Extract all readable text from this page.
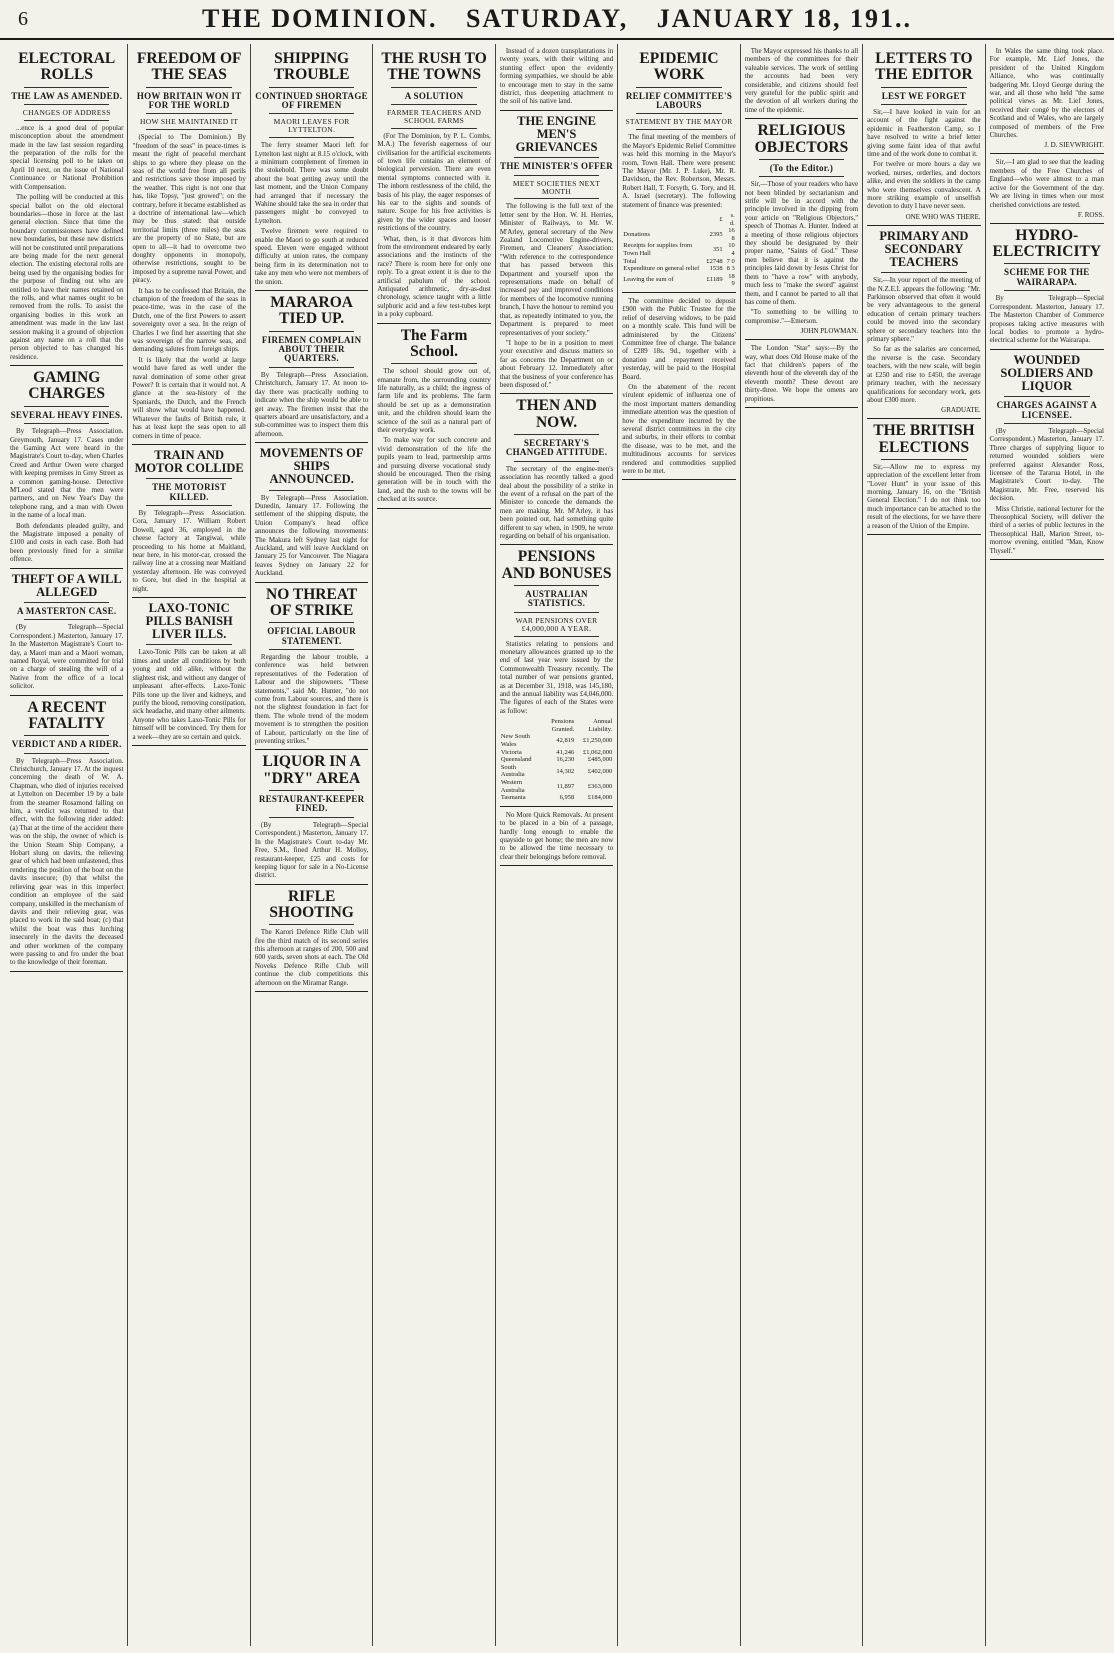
6	THE DOMINION. SATURDAY, JANUARY 18, 191..
ELECTORAL ROLLS
THE LAW AS AMENDED.
CHANGES OF ADDRESS

...ence is a good deal of popular misconception about the amendment made in the law last session regarding the preparation of the rolls for the special licensing poll to be taken on April 10 next, on the issue of National Continuance or National Prohibition with Compensation.

The polling will be conducted at this special ballot on the old electoral boundaries—those in force at the last general election. Since that time the boundary commissioners have defined new boundaries, but these new districts will not be constituted until preparations are being made for the next general election. The existing electoral rolls are being used by the organising bodies for the purpose of finding out who are entitled to have their names retained on the rolls, and what names ought to be removed from the rolls. To assist the organising bodies in this work an amendment was made in the law last session making it a ground of objection against any name on a roll that the person objected to has changed his residence.

GAMING CHARGES
SEVERAL HEAVY FINES.

By Telegraph—Press Association. Greymouth, January 17. Cases under the Gaming Act were heard in the Magistrate's Court to-day, when Charles Creed and Arthur Owen were charged with keeping premises in Grey Street as a common gaming-house. Detective M'Leod stated that the men were partners, and on New Year's Day the telephone rang, and a man with Owen in the name of a local man.

Both defendants pleaded guilty, and the Magistrate imposed a penalty of £100 and costs in each case. Both had been previously fined for a similar offence.

THEFT OF A WILL ALLEGED
A MASTERTON CASE.

(By Telegraph—Special Correspondent.) Masterton, January 17. In the Masterton Magistrate's Court to-day, a Maori man and a Maori woman, named Royal, were committed for trial on a charge of stealing the will of a Native from the office of a local solicitor.

A RECENT FATALITY
VERDICT AND A RIDER.

By Telegraph—Press Association. Christchurch, January 17. At the inquest concerning the death of W. A. Chapman, who died of injuries received at Lyttelton on December 19 by a bale from the steamer Rosamond falling on him, a verdict was returned to that effect, with the following rider added: (a) That at the time of the accident there was on the ship, the owner of which is the Union Steam Ship Company, a Hobart slung on davits, the relieving gear of which had been unfastened, thus rendering the position of the boat on the davits insecure; (b) that whilst the relieving gear was in this imperfect condition an employee of the said company, unskilled in the mechanism of davits and their relieving gear, was placed to work in the said boat; (c) that whilst the boat was thus lurching insecurely in the davits the deceased and other workmen of the company were passing to and fro under the boat to the knowledge of their foreman.

FREEDOM OF THE SEAS
HOW BRITAIN WON IT FOR THE WORLD
HOW SHE MAINTAINED IT

(Special to The Dominion.) By "freedom of the seas" in peace-times is meant the right of peaceful merchant ships to go where they please on the seas of the world free from all perils and restrictions save those imposed by the weather. This right is not one that has, like Topsy, "just growed"; on the contrary, before it became established as a doctrine of international law—which may be thus stated: that outside territorial limits (three miles) the seas are the property of no State, but are open to all—it had to overcome two doughty opponents in monopoly, otherwise restrictions, sought to be imposed by a supreme naval Power, and piracy.

It has to be confessed that Britain, the champion of the freedom of the seas in peace-time, was in the case of the Dutch, one of the first Powers to assert sovereignty over a sea. In the reign of Charles I we find her asserting that she was sovereign of the narrow seas, and demanding salutes from foreign ships.

It is likely that the world at large would have fared as well under the naval domination of some other great Power? It is certain that it would not. A glance at the sea-history of the Spaniards, the Dutch, and the French will show what would have happened. Whatever the faults of British rule, it has at least kept the seas open to all comers in time of peace.

TRAIN AND MOTOR COLLIDE
THE MOTORIST KILLED.

By Telegraph—Press Association. Cora, January 17. William Robert Dowell, aged 36, employed in the cheese factory at Tangiwai, while proceeding to his home at Maitland, near here, in his motor-car, crossed the railway line at a crossing near Maitland yesterday afternoon. He was conveyed to Gore, but died in the hospital at night.

LAXO-TONIC PILLS BANISH LIVER ILLS.

Laxo-Tonic Pills can be taken at all times and under all conditions by both young and old alike, without the slightest risk, and without any danger of unpleasant after-effects. Laxo-Tonic Pills tone up the liver and kidneys, and purify the blood, removing constipation, sick headache, and many other ailments. Anyone who takes Laxo-Tonic Pills for himself will be convinced. Try them for a week—they are so certain and quick.

SHIPPING TROUBLE
CONTINUED SHORTAGE OF FIREMEN
MAORI LEAVES FOR LYTTELTON.

The ferry steamer Maori left for Lyttelton last night at 8.15 o'clock, with a minimum complement of firemen in the stokehold. There was some doubt about the boat getting away until the last moment, and the Union Company had arranged that if necessary the Wahine should take the sea in order that passengers might be conveyed to Lyttelton.

Twelve firemen were required to enable the Maori to go south at reduced speed. Eleven were engaged without difficulty at union rates, the company being firm in its determination not to take any men who were not members of the union.

MARAROA TIED UP.
FIREMEN COMPLAIN ABOUT THEIR QUARTERS.

By Telegraph—Press Association. Christchurch, January 17. At noon to-day there was practically nothing to indicate when the ship would be able to get away. The firemen insist that the quarters aboard are unsatisfactory, and a sub-committee was to inspect them this afternoon.

MOVEMENTS OF SHIPS ANNOUNCED.

By Telegraph—Press Association. Dunedin, January 17. Following the settlement of the shipping dispute, the Union Company's head office announces the following movements: The Makura left Sydney last night for Auckland, and will leave Auckland on January 25 for Vancouver. The Niagara leaves Sydney on January 22 for Auckland.

NO THREAT OF STRIKE
OFFICIAL LABOUR STATEMENT.

Regarding the labour trouble, a conference was held between representatives of the Federation of Labour and the shipowners. "These statements," said Mr. Hunter, "do not come from Labour sources, and there is not the slightest foundation in fact for them. The whole trend of the modern movement is to strengthen the position of Labour, particularly on the line of preventing strikes."

LIQUOR IN A "DRY" AREA
RESTAURANT-KEEPER FINED.

(By Telegraph—Special Correspondent.) Masterton, January 17. In the Magistrate's Court to-day Mr. Free, S.M., fined Arthur H. Molloy, restaurant-keeper, £25 and costs for keeping liquor for sale in a No-License district.

RIFLE SHOOTING

The Karori Defence Rifle Club will fire the third match of its second series this afternoon at ranges of 200, 500 and 600 yards, seven shots at each. The Old Noveks Defence Rifle Club will continue the club competitions this afternoon on the Miramar Range.

THE RUSH TO THE TOWNS
A SOLUTION
FARMER TEACHERS AND SCHOOL FARMS

(For The Dominion, by P. L. Combs, M.A.) The feverish eagerness of our civilisation for the artificial excitements of town life contains an element of biological perversion. There are even mental symptoms connected with it. The inborn restlessness of the child, the basis of his play, the eager responses of his ear to the sights and sounds of nature. Scope for his free activities is given by the wider spaces and looser restrictions of the country.

What, then, is it that divorces him from the environment endeared by early associations and the instincts of the race? There is room here for only one reply. To a great extent it is due to the artificial pabulum of the school. Antiquated arithmetic, dry-as-dust chronology, science taught with a little sulphuric acid and a few test-tubes kept in a poky cupboard.

The Farm School.

The school should grow out of, emanate from, the surrounding country life naturally, as a child; the ingress of farm life and its problems. The farm should be set up as a demonstration unit, and the children should learn the science of the soil as a natural part of their everyday work.

To make way for such concrete and vivid demonstration of the life the pupils yearn to lead, partnership arms and pursuing diverse vocational study should be encouraged. Then the rising generation will be in touch with the land, and the rush to the towns will be checked at its source.

Instead of a dozen transplantations in twenty years, with their wilting and stunting effect upon the evidently forming sympathies, we should be able to encourage men to stay in the same district, thus deepening attachment to the soil of his native land.

THE ENGINE MEN'S GRIEVANCES
THE MINISTER'S OFFER
MEET SOCIETIES NEXT MONTH

The following is the full text of the letter sent by the Hon. W. H. Herries, Minister of Railways, to Mr. W. M'Arley, general secretary of the New Zealand Locomotive Engine-drivers, Firemen, and Cleaners' Association: "With reference to the correspondence that has passed between this Department and yourself upon the representations made on behalf of increased pay and improved conditions for members of the locomotive running branch, I have the honour to remind you that, as repeatedly intimated to you, the Department is prepared to meet representatives of your society."

"I hope to be in a position to meet your executive and discuss matters so far as concerns the Department on or about February 12. Immediately after that the business of your conference has been disposed of."

THEN AND NOW.
SECRETARY'S CHANGED ATTITUDE.

The secretary of the engine-men's association has recently talked a good deal about the possibility of a strike in the event of a refusal on the part of the Minister to concede the demands the men are making. Mr. M'Arley, it has been pointed out, had something quite different to say when, in 1909, he wrote regarding on behalf of his organisation.

PENSIONS AND BONUSES
AUSTRALIAN STATISTICS.
WAR PENSIONS OVER £4,000,000 A YEAR.

Statistics relating to pensions and monetary allowances granted up to the end of last year were issued by the Commonwealth Treasury recently. The total number of war pensions granted, as at December 31, 1918, was 145,180, and the annual liability was £4,046,000. The figures of each of the States were as follow:

	Pensions Granted.	Annual Liability.
New South Wales	42,819	£1,250,000
Victoria	41,246	£1,062,000
Queensland	16,230	£485,000
South Australia	14,302	£402,000
Western Australia	11,897	£363,000
Tasmania	6,958	£184,000

No More Quick Removals. At present to be placed in a bin of a passage, hardly long enough to enable the quayside to get home; the men are now to be allowed the time necessary to clear their belongings before removal.

EPIDEMIC WORK
RELIEF COMMITTEE'S LABOURS
STATEMENT BY THE MAYOR

The final meeting of the members of the Mayor's Epidemic Relief Committee was held this morning in the Mayor's room, Town Hall. There were present: The Mayor (Mr. J. P. Luke), Mr. R. Davidson, the Rev. Robertson, Messrs. Robert Hall, T. Forsyth, G. Tory, and H. A. Israel (secretary). The following statement of finance was presented:

	£	s. d.
Donations	2395	16 8
Receipts for supplies from Town Hall	351	10 4
Total	£2748	7 0
Expenditure on general relief	1538	8 3
Leaving the sum of	£1189	18 9

The committee decided to deposit £900 with the Public Trustee for the relief of deserving widows, to be paid on a monthly scale. This fund will be administered by the Citizens' Committee free of charge. The balance of £289 18s. 9d., together with a donation and repayment received yesterday, will be paid to the Hospital Board.

On the abatement of the recent virulent epidemic of influenza one of the most important matters demanding immediate attention was the question of how the expenditure incurred by the several district committees in the city and suburbs, in their efforts to combat the disease, was to be met, and the multitudinous accounts for services rendered and commodities supplied were to be met.

The Mayor expressed his thanks to all members of the committees for their valuable services. The work of settling the accounts had been very considerable, and citizens should feel very grateful for the public spirit and the devotion of all workers during the time of the epidemic.

RELIGIOUS OBJECTORS
(To the Editor.)

Sir,—Those of your readers who have not been blinded by sectarianism and strife will be in accord with the principle involved in the dipping from your article on "Religious Objectors," speech of Thomas A. Hunter. Indeed at a meeting of those religious objectors they should be designated by their proper name, "Saints of God." These men believe that it is against the principles laid down by Jesus Christ for them to "have a row" with anybody, much less to "make the sword" against them, and I cannot be parted to all that has come of them.

"To something to be willing to compromise."—Emerson.

JOHN PLOWMAN.

The London "Star" says:—By the way, what does Old House make of the fact that children's papers of the eleventh hour of the eleventh day of the eleventh month? These devout are thirty-three. We hope the omens are propitious.

LETTERS TO THE EDITOR
LEST WE FORGET

Sir,—I have looked in vain for an account of the fight against the epidemic in Featherston Camp, so I have resolved to write a brief letter giving some faint idea of that awful time and of the work done to combat it.

For twelve or more hours a day we worked, nurses, orderlies, and doctors alike, and even the soldiers in the camp who were themselves convalescent. A more striking example of unselfish devotion to duty I have never seen.

ONE WHO WAS THERE.
PRIMARY AND SECONDARY TEACHERS

Sir,—In your report of the meeting of the N.Z.E.I. appears the following: "Mr. Parkinson observed that often it would be very advantageous to the general education of certain primary teachers could be moved into the secondary sphere or secondary teachers into the primary sphere."

So far as the salaries are concerned, the reverse is the case. Secondary teachers, with the new scale, will begin at £250 and rise to £450, the average primary teacher, with the necessary qualifications for secondary work, gets about £300 more.

GRADUATE.
THE BRITISH ELECTIONS

Sir,—Allow me to express my appreciation of the excellent letter from "Lover Hunt" in your issue of this morning, January 16, on the "British General Election." I do not think too much importance can be attached to the result of the elections, for we have there a reason of the Union of the Empire.

In Wales the same thing took place. For example, Mr. Lief Jones, the president of the United Kingdom Alliance, who was continually badgering Mr. Lloyd George during the war, and all those who held "the same political views as Mr. Lief Jones, received their congé by the electors of Scotland and of Wales, who are largely composed of members of the Free Churches.

J. D. SIEVWRIGHT.

Sir,—I am glad to see that the leading members of the Free Churches of England—who were almost to a man active for the Government of the day. We are living in times when our most cherished convictions are tested.

F. ROSS.
HYDRO-ELECTRICITY
SCHEME FOR THE WAIRARAPA.

By Telegraph—Special Correspondent. Masterton, January 17. The Masterton Chamber of Commerce proposes taking active measures with local bodies to promote a hydro-electrical scheme for the Wairarapa.

WOUNDED SOLDIERS AND LIQUOR
CHARGES AGAINST A LICENSEE.

(By Telegraph—Special Correspondent.) Masterton, January 17. Three charges of supplying liquor to returned wounded soldiers were preferred against Alexander Ross, licensee of the Tararua Hotel, in the Magistrate's Court to-day. The Magistrate, Mr. Free, reserved his decision.

Miss Christie, national lecturer for the Theosophical Society, will deliver the third of a series of public lectures in the Theosophical Hall, Marion Street, to-morrow evening, entitled "Man, Know Thyself."
